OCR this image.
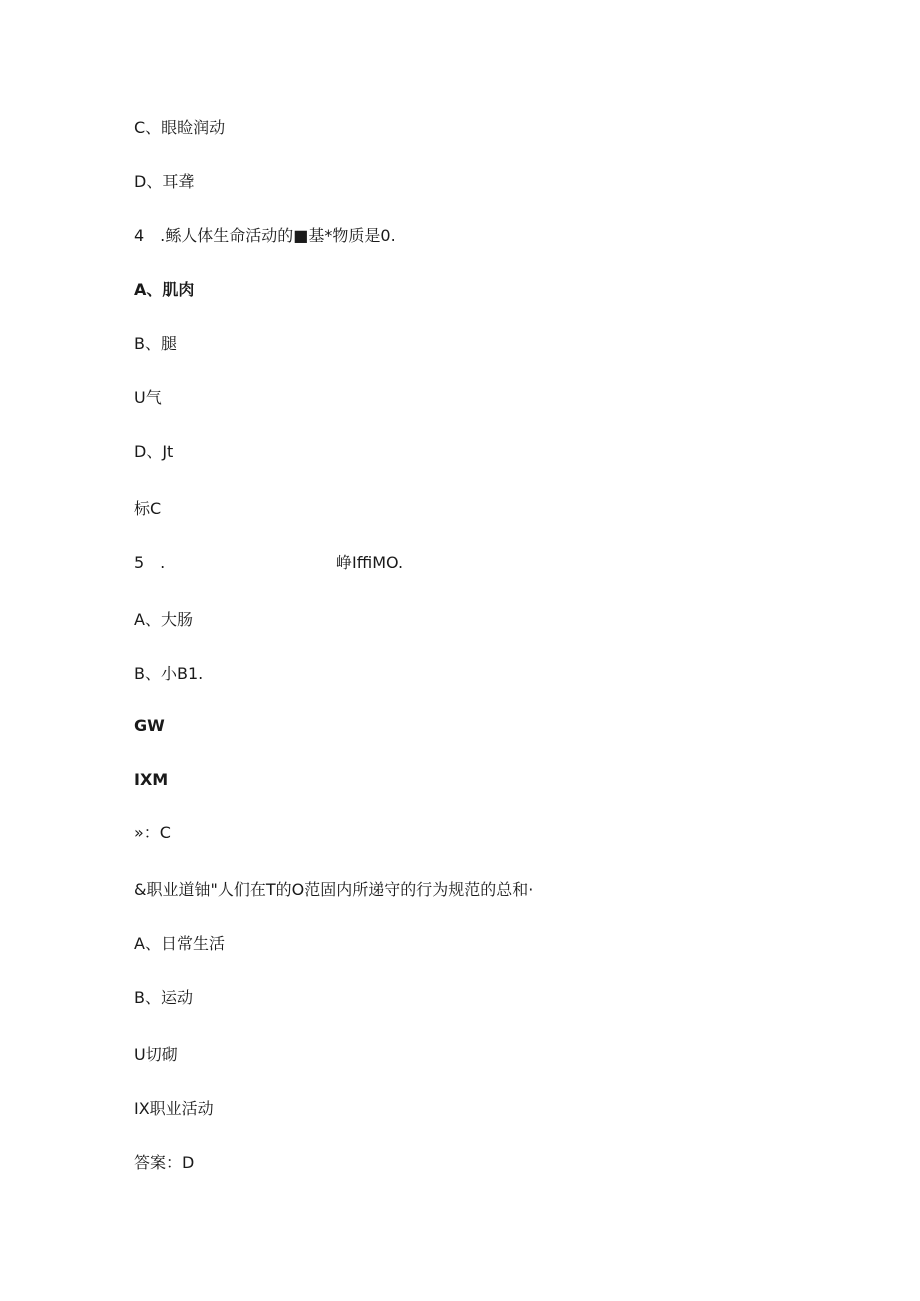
C、眼睑润动
D、耳聋
4 .鲧人体生命活动的■基*物质是0.
A、肌肉
B、腿
U气
D、Jt
标C
5 .	峥IffiMO.
A、大肠
B、小B1.
GW
IXM
»：C
&职业道铀"人们在T的O范固内所递守的行为规范的总和·
A、日常生活
B、运动
U切砌
IX职业活动
答案：D
